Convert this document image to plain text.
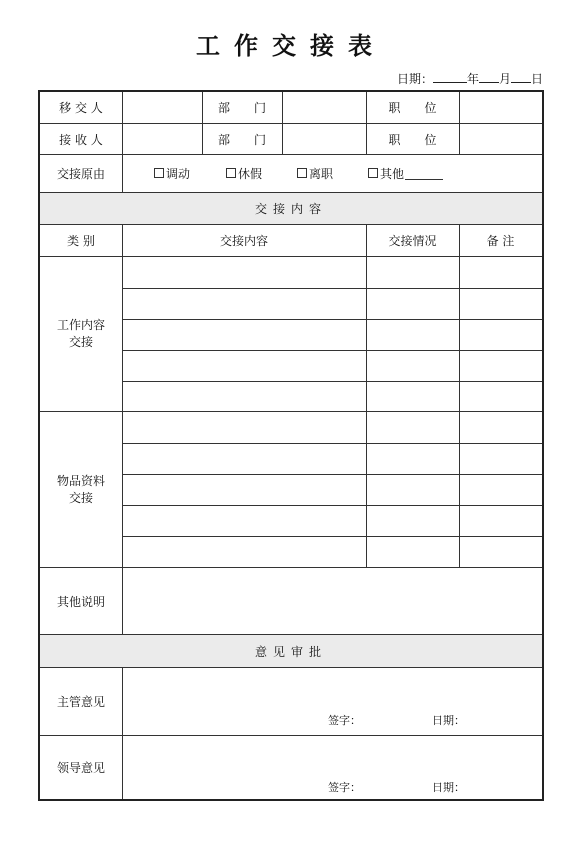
工作交接表
日期：	年 月 日
移 交 人	部　　门	职　　位
接 收 人	部　　门	职　　位
交接原由	调动	休假	离职	其他
交接内容
类 别	交接内容	交接情况	备 注
工作内容
交接
物品资料
交接
其他说明
意见审批
主管意见
签字：	日期：
领导意见
签字：	日期：
